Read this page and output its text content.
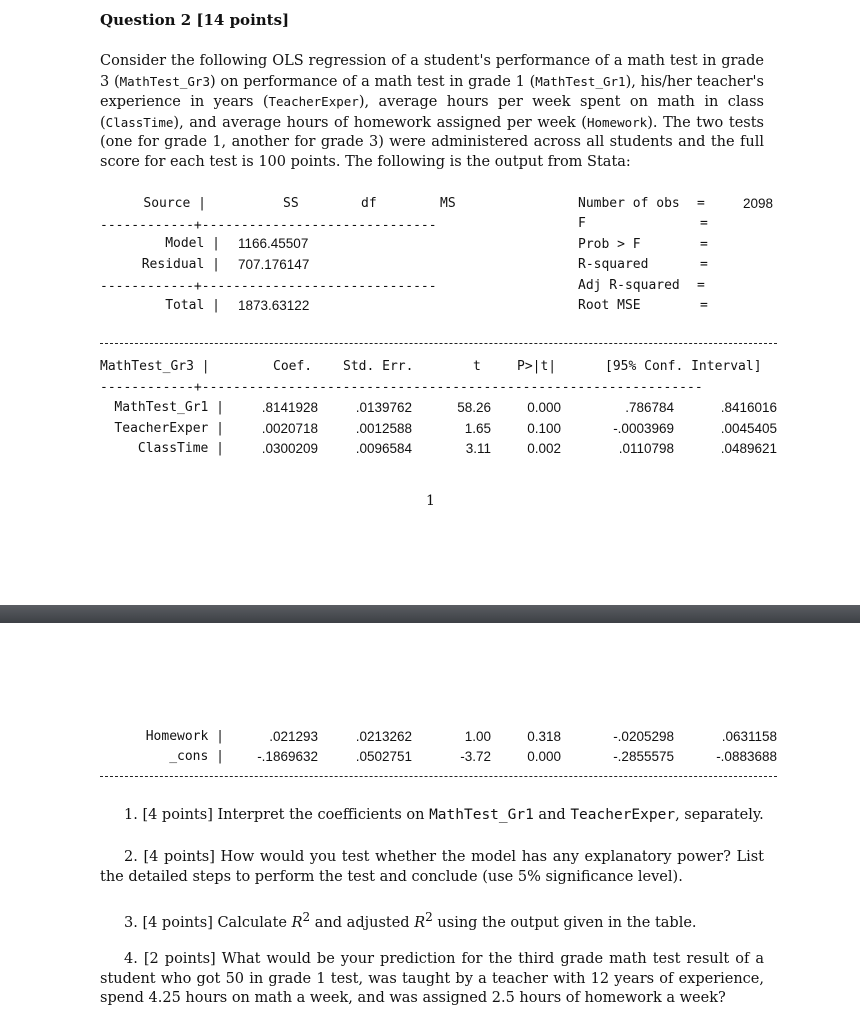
Question 2 [14 points]
Consider the following OLS regression of a student's performance of a math test in grade 3 (MathTest_Gr3) on performance of a math test in grade 1 (MathTest_Gr1), his/her teacher's experience in years (TeacherExper), average hours per week spent on math in class (ClassTime), and average hours of homework assigned per week (Homework). The two tests (one for grade 1, another for grade 3) were administered across all students and the full score for each test is 100 points. The following is the output from Stata:
Source |	SS	df	MS
------------+------------------------------
Model | 1166.45507
Residual | 707.176147
------------+------------------------------
Total | 1873.63122
Number of obs =	2098
F	=
Prob > F	=
R-squared	=
Adj R-squared =
Root MSE	=
MathTest_Gr3 |	Coef. Std. Err.	t	P>|t|	[95% Conf. Interval]
------------+----------------------------------------------------------------
MathTest_Gr1 |	.8141928	.0139762	58.26	0.000	.786784	.8416016
TeacherExper |	.0020718	.0012588	1.65	0.100	-.0003969	.0045405
ClassTime |	.0300209	.0096584	3.11	0.002	.0110798	.0489621
1
Homework |	.021293	.0213262	1.00	0.318	-.0205298	.0631158
_cons |	-.1869632	.0502751	-3.72	0.000	-.2855575	-.0883688
1. [4 points] Interpret the coefficients on MathTest_Gr1 and TeacherExper, separately.
2. [4 points] How would you test whether the model has any explanatory power? List the detailed steps to perform the test and conclude (use 5% significance level).
3. [4 points] Calculate $R^2$ and adjusted $R^2$ using the output given in the table.
4. [2 points] What would be your prediction for the third grade math test result of a student who got 50 in grade 1 test, was taught by a teacher with 12 years of experience, spend 4.25 hours on math a week, and was assigned 2.5 hours of homework a week?
